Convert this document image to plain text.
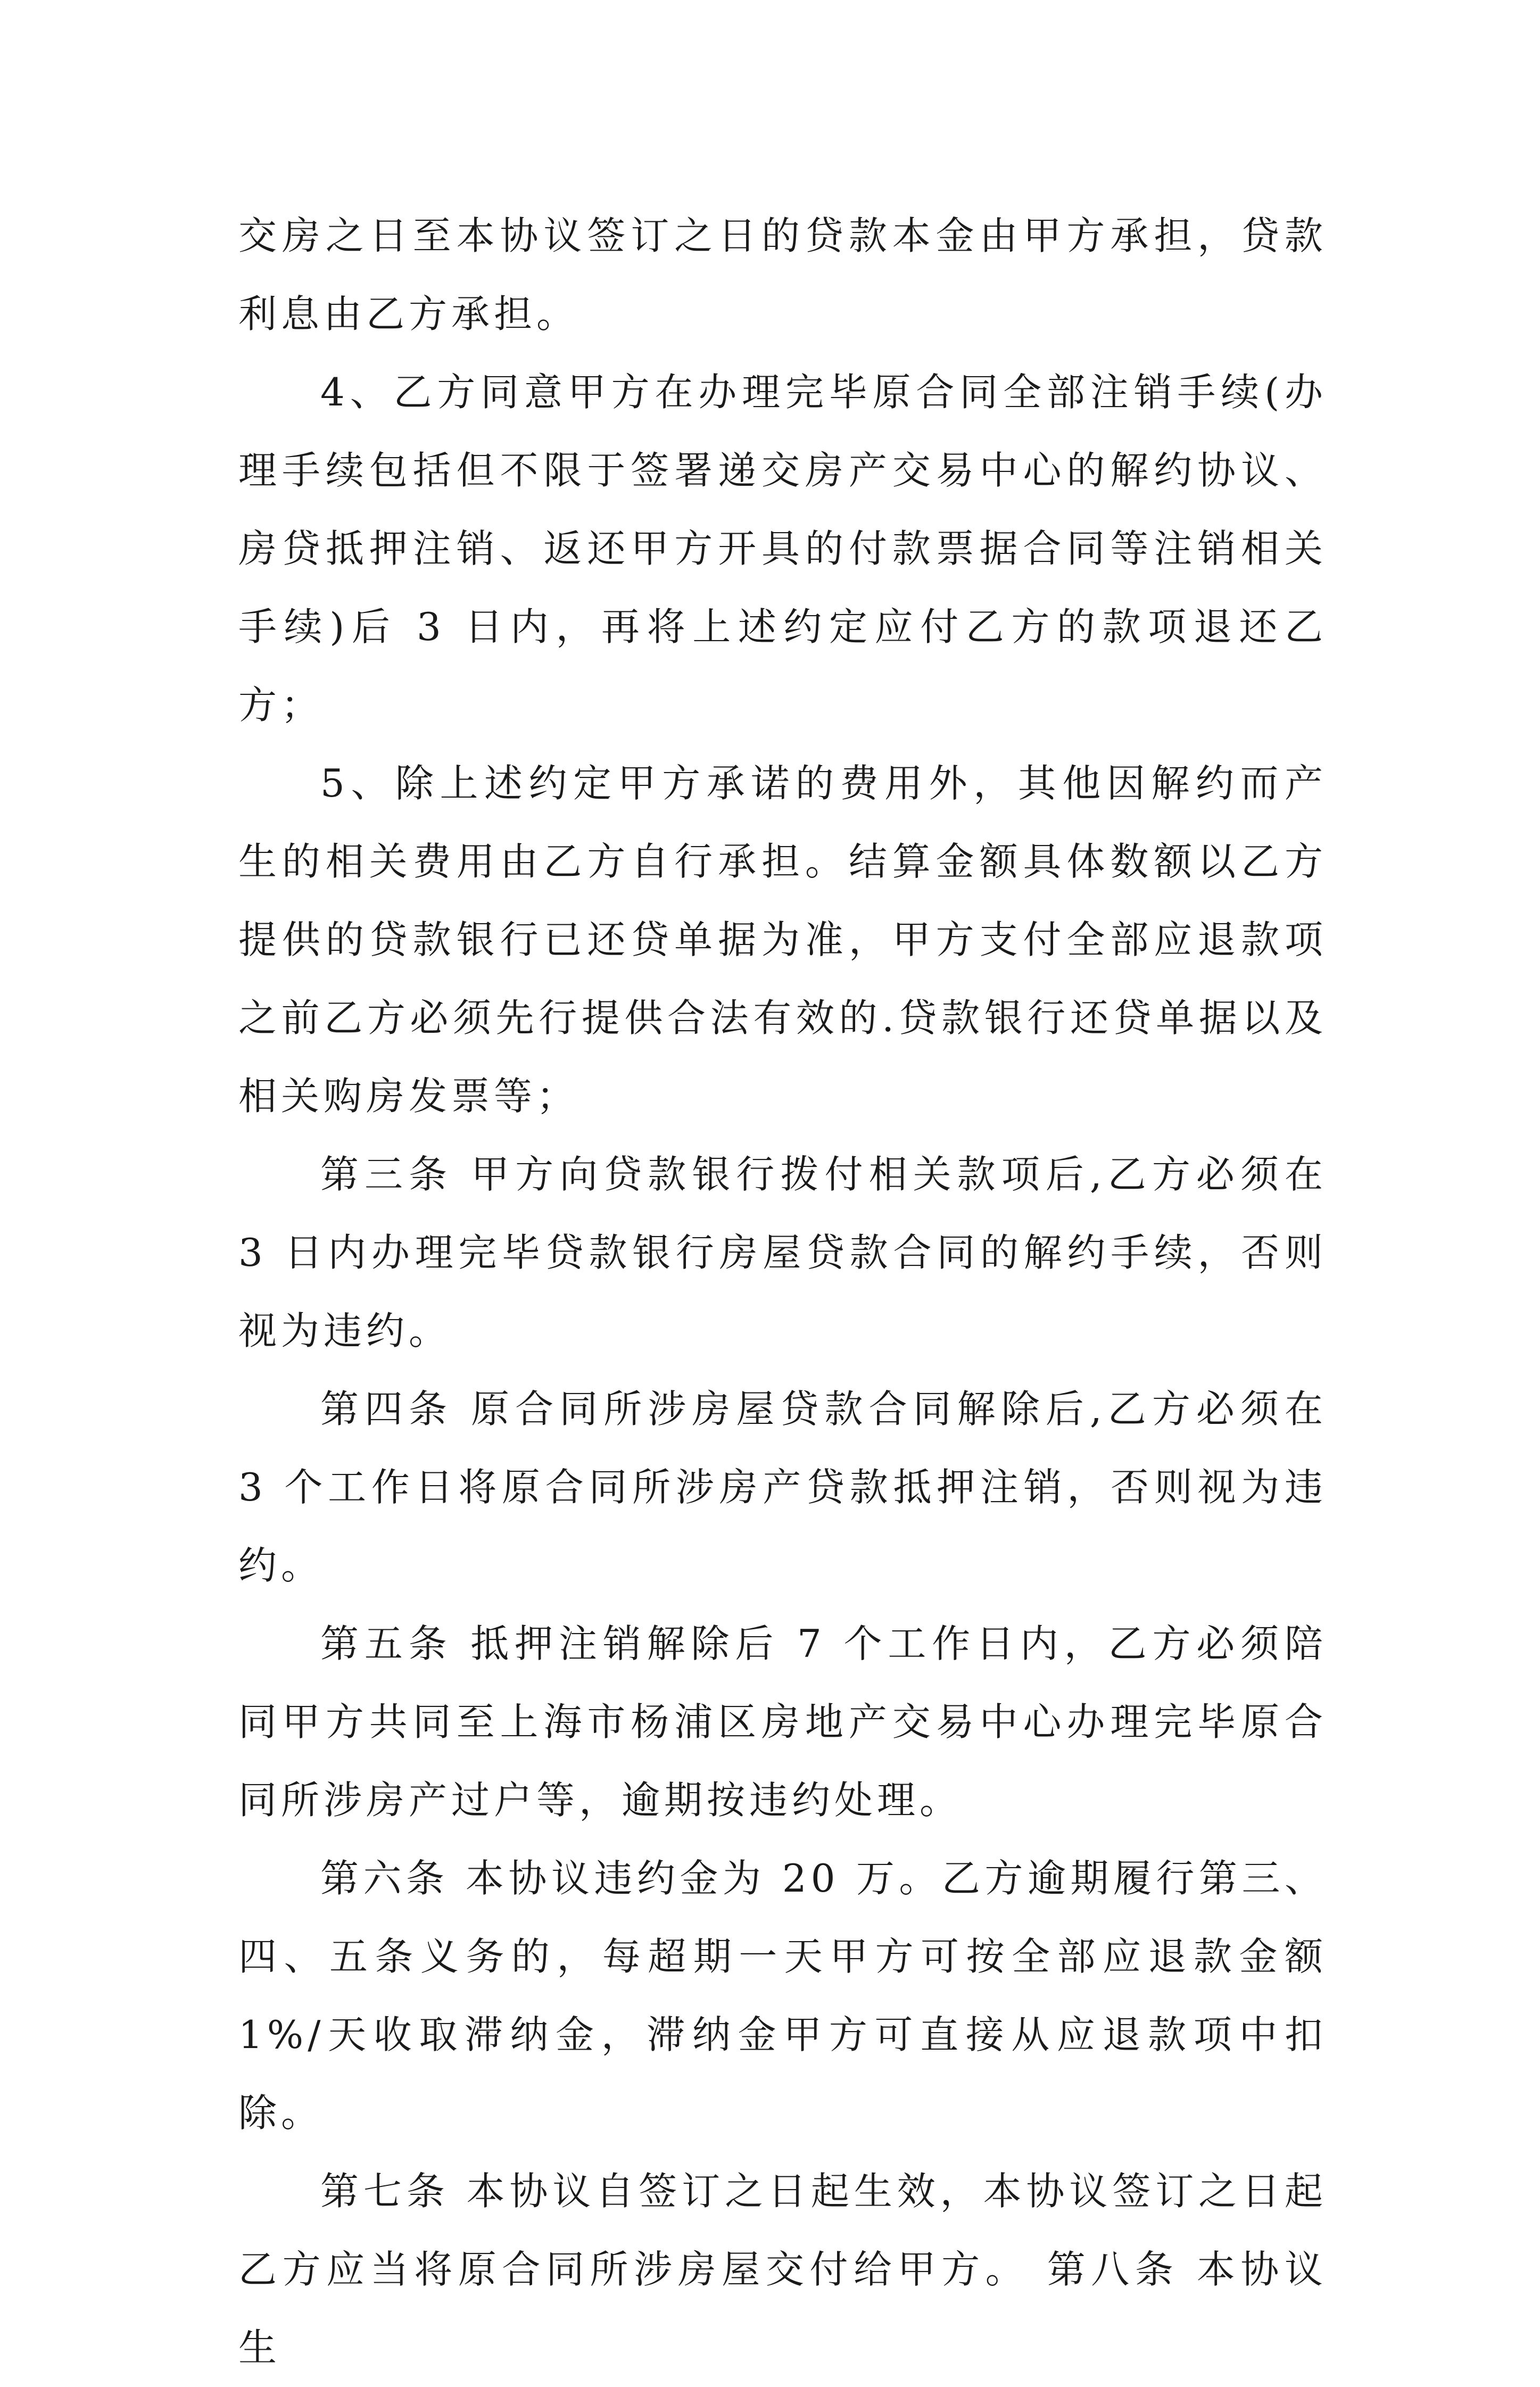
交房之日至本协议签订之日的贷款本金由甲方承担，贷款利息由乙方承担。

4、乙方同意甲方在办理完毕原合同全部注销手续(办理手续包括但不限于签署递交房产交易中心的解约协议、房贷抵押注销、返还甲方开具的付款票据合同等注销相关手续)后 3 日内，再将上述约定应付乙方的款项退还乙方；

5、除上述约定甲方承诺的费用外，其他因解约而产生的相关费用由乙方自行承担。结算金额具体数额以乙方提供的贷款银行已还贷单据为准，甲方支付全部应退款项之前乙方必须先行提供合法有效的.贷款银行还贷单据以及相关购房发票等；

第三条 甲方向贷款银行拨付相关款项后,乙方必须在 3 日内办理完毕贷款银行房屋贷款合同的解约手续，否则视为违约。

第四条 原合同所涉房屋贷款合同解除后,乙方必须在 3 个工作日将原合同所涉房产贷款抵押注销，否则视为违约。

第五条 抵押注销解除后 7 个工作日内，乙方必须陪同甲方共同至上海市杨浦区房地产交易中心办理完毕原合同所涉房产过户等，逾期按违约处理。

第六条 本协议违约金为 20 万。乙方逾期履行第三、四、五条义务的，每超期一天甲方可按全部应退款金额 1%/天收取滞纳金，滞纳金甲方可直接从应退款项中扣除。

第七条 本协议自签订之日起生效，本协议签订之日起乙方应当将原合同所涉房屋交付给甲方。 第八条 本协议生
